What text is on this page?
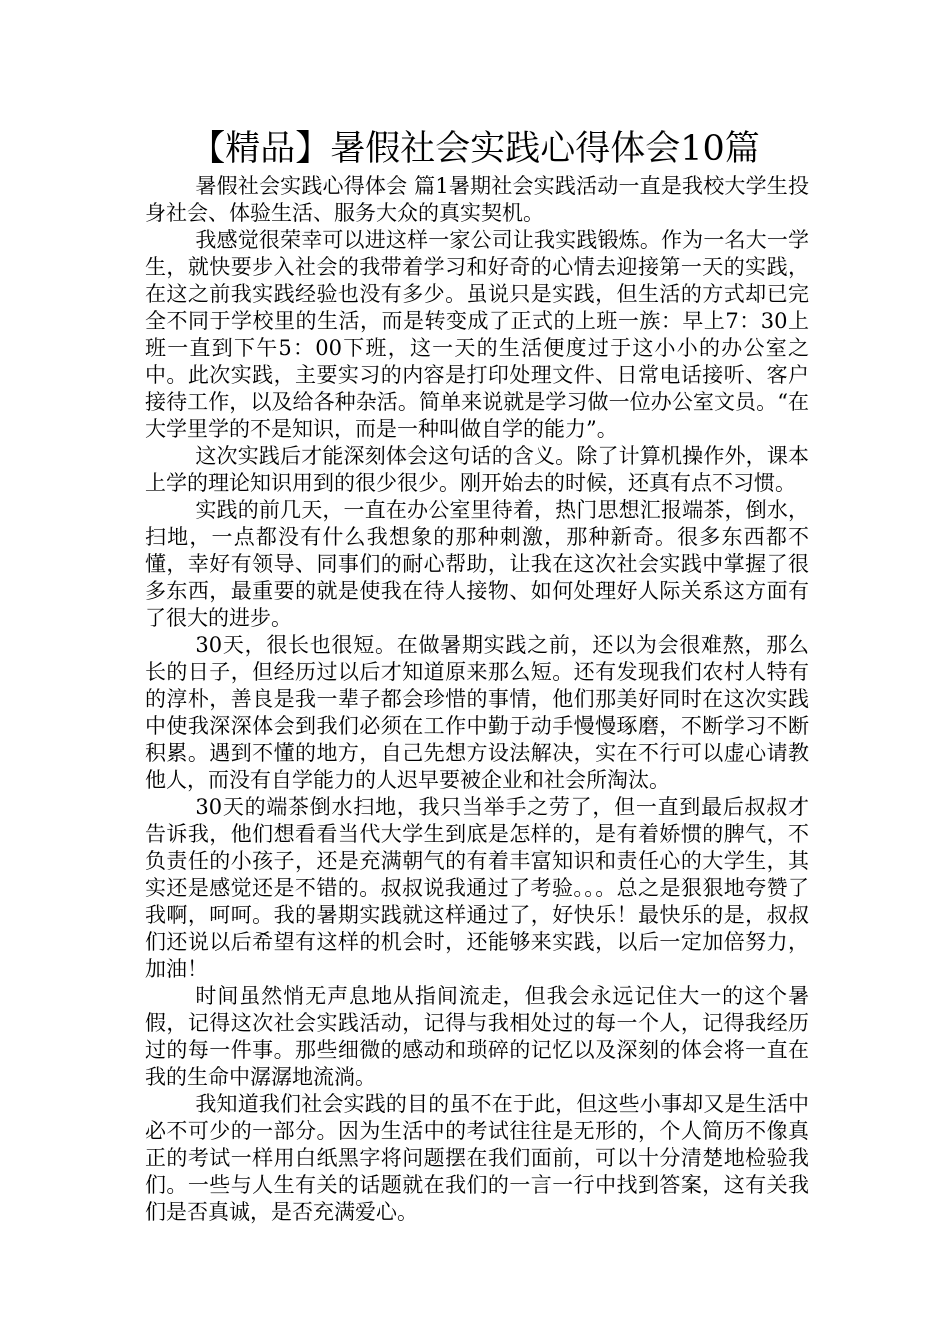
【精品】暑假社会实践心得体会10篇

暑假社会实践心得体会 篇1暑期社会实践活动一直是我校大学生投身社会、体验生活、服务大众的真实契机。

我感觉很荣幸可以进这样一家公司让我实践锻炼。作为一名大一学生，就快要步入社会的我带着学习和好奇的心情去迎接第一天的实践，在这之前我实践经验也没有多少。虽说只是实践，但生活的方式却已完全不同于学校里的生活，而是转变成了正式的上班一族：早上7：30上班一直到下午5：00下班，这一天的生活便度过于这小小的办公室之中。此次实践，主要实习的内容是打印处理文件、日常电话接听、客户接待工作，以及给各种杂活。简单来说就是学习做一位办公室文员。“在大学里学的不是知识，而是一种叫做自学的能力”。

这次实践后才能深刻体会这句话的含义。除了计算机操作外，课本上学的理论知识用到的很少很少。刚开始去的时候，还真有点不习惯。

实践的前几天，一直在办公室里待着，热门思想汇报端茶，倒水，扫地，一点都没有什么我想象的那种刺激，那种新奇。很多东西都不懂，幸好有领导、同事们的耐心帮助，让我在这次社会实践中掌握了很多东西，最重要的就是使我在待人接物、如何处理好人际关系这方面有了很大的进步。

30天，很长也很短。在做暑期实践之前，还以为会很难熬，那么长的日子，但经历过以后才知道原来那么短。还有发现我们农村人特有的淳朴，善良是我一辈子都会珍惜的事情，他们那美好同时在这次实践中使我深深体会到我们必须在工作中勤于动手慢慢琢磨，不断学习不断积累。遇到不懂的地方，自己先想方设法解决，实在不行可以虚心请教他人，而没有自学能力的人迟早要被企业和社会所淘汰。

30天的端茶倒水扫地，我只当举手之劳了，但一直到最后叔叔才告诉我，他们想看看当代大学生到底是怎样的，是有着娇惯的脾气，不负责任的小孩子，还是充满朝气的有着丰富知识和责任心的大学生，其实还是感觉还是不错的。叔叔说我通过了考验。。。总之是狠狠地夸赞了我啊，呵呵。我的暑期实践就这样通过了，好快乐！最快乐的是，叔叔们还说以后希望有这样的机会时，还能够来实践，以后一定加倍努力，加油！

时间虽然悄无声息地从指间流走，但我会永远记住大一的这个暑假，记得这次社会实践活动，记得与我相处过的每一个人，记得我经历过的每一件事。那些细微的感动和琐碎的记忆以及深刻的体会将一直在我的生命中潺潺地流淌。

我知道我们社会实践的目的虽不在于此，但这些小事却又是生活中必不可少的一部分。因为生活中的考试往往是无形的，个人简历不像真正的考试一样用白纸黑字将问题摆在我们面前，可以十分清楚地检验我们。一些与人生有关的话题就在我们的一言一行中找到答案，这有关我们是否真诚，是否充满爱心。
